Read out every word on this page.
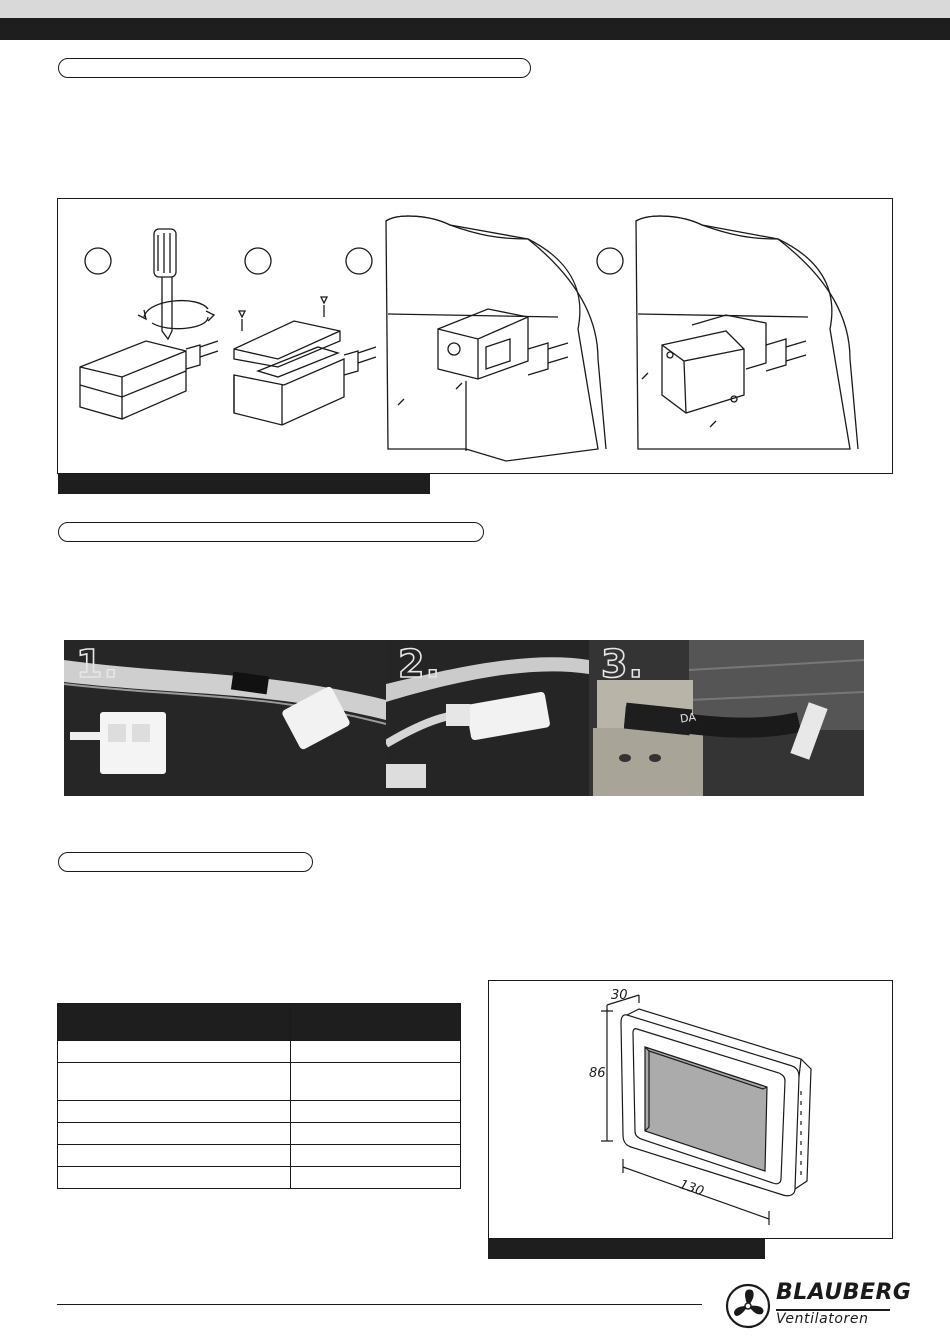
1.	2.	3.
DA

30
86
130
BLAUBERG
Ventilatoren
